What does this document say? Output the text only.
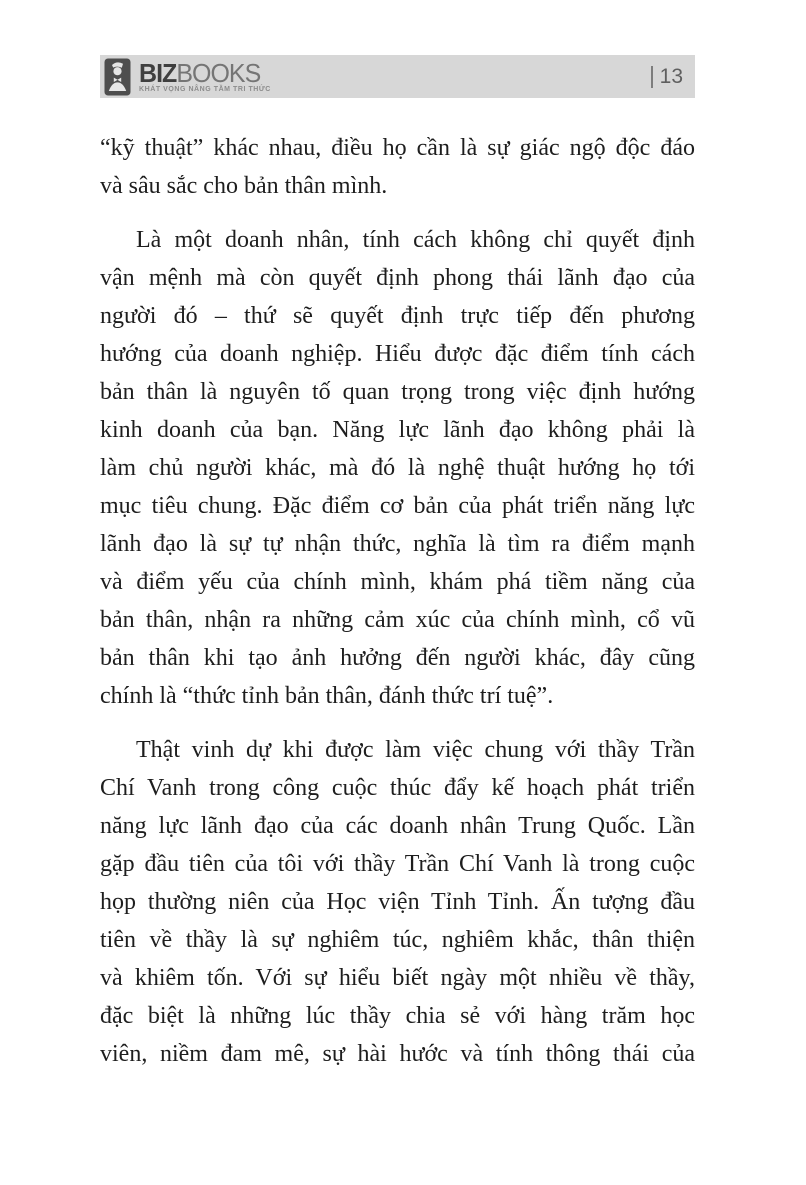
BIZBOOKS
KHÁT VỌNG NÂNG TẦM TRI THỨC
13

“kỹ thuật” khác nhau, điều họ cần là sự giác ngộ độc đáo
và sâu sắc cho bản thân mình.

Là một doanh nhân, tính cách không chỉ quyết định
vận mệnh mà còn quyết định phong thái lãnh đạo của
người đó – thứ sẽ quyết định trực tiếp đến phương
hướng của doanh nghiệp. Hiểu được đặc điểm tính cách
bản thân là nguyên tố quan trọng trong việc định hướng
kinh doanh của bạn. Năng lực lãnh đạo không phải là
làm chủ người khác, mà đó là nghệ thuật hướng họ tới
mục tiêu chung. Đặc điểm cơ bản của phát triển năng lực
lãnh đạo là sự tự nhận thức, nghĩa là tìm ra điểm mạnh
và điểm yếu của chính mình, khám phá tiềm năng của
bản thân, nhận ra những cảm xúc của chính mình, cổ vũ
bản thân khi tạo ảnh hưởng đến người khác, đây cũng
chính là “thức tỉnh bản thân, đánh thức trí tuệ”.

Thật vinh dự khi được làm việc chung với thầy Trần
Chí Vanh trong công cuộc thúc đẩy kế hoạch phát triển
năng lực lãnh đạo của các doanh nhân Trung Quốc. Lần
gặp đầu tiên của tôi với thầy Trần Chí Vanh là trong cuộc
họp thường niên của Học viện Tỉnh Tỉnh. Ấn tượng đầu
tiên về thầy là sự nghiêm túc, nghiêm khắc, thân thiện
và khiêm tốn. Với sự hiểu biết ngày một nhiều về thầy,
đặc biệt là những lúc thầy chia sẻ với hàng trăm học
viên, niềm đam mê, sự hài hước và tính thông thái của
